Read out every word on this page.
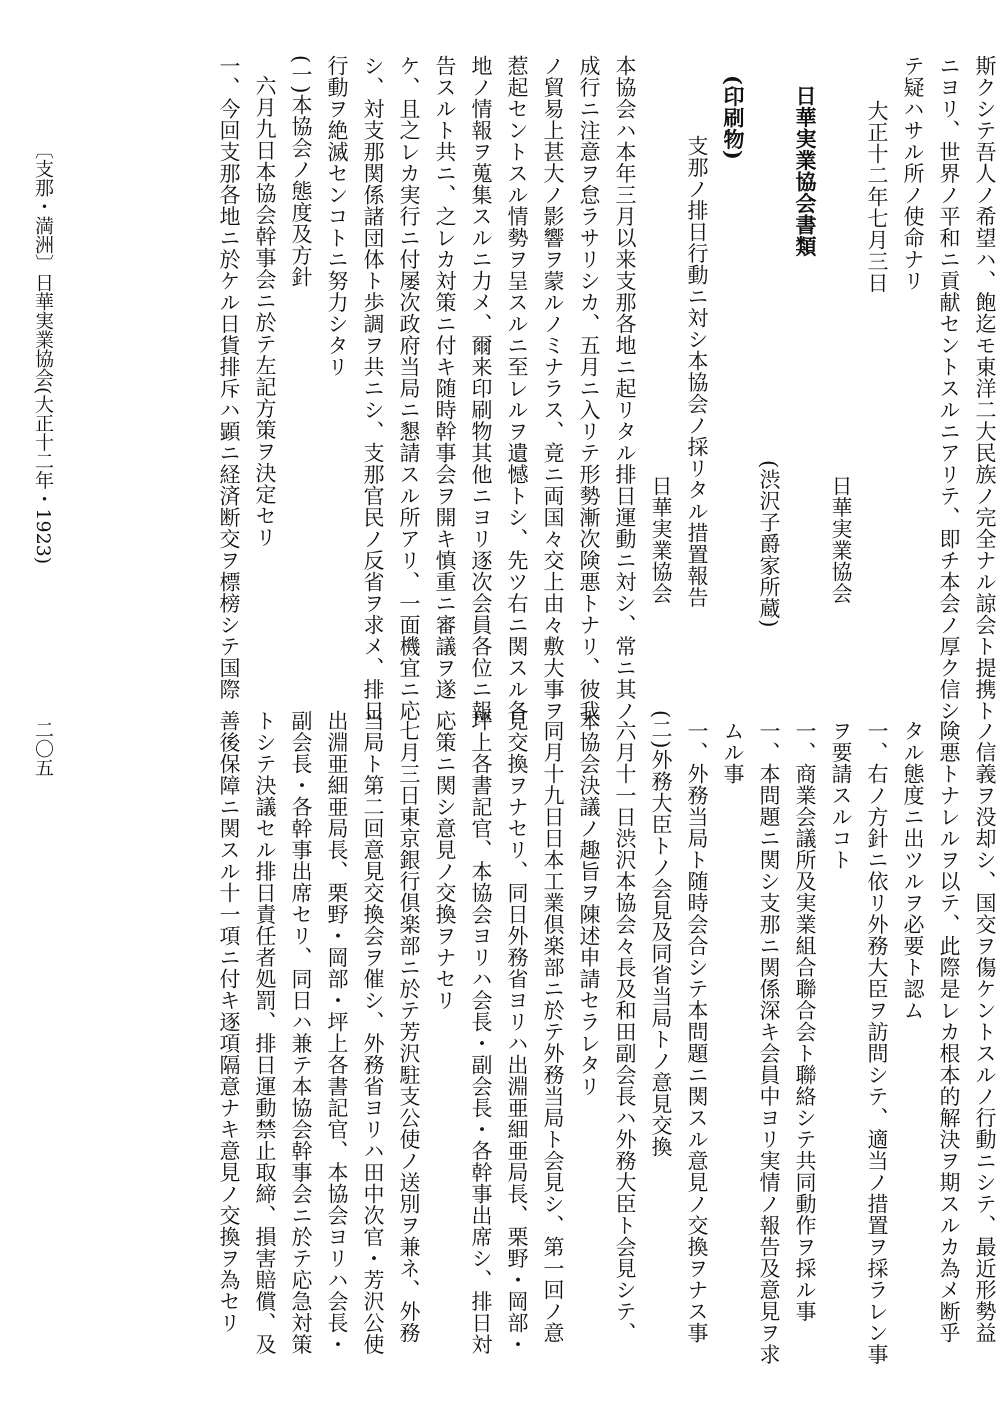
斯クシテ吾人ノ希望ハ、飽迄モ東洋二大民族ノ完全ナル諒会ト提携ト
ニヨリ、世界ノ平和ニ貢献セントスルニアリテ、即チ本会ノ厚ク信シ
テ疑ハサル所ノ使命ナリ
大正十二年七月三日
日華実業協会
日華実業協会書類
(渋沢子爵家所蔵)
(印刷物)
支那ノ排日行動ニ対シ本協会ノ採リタル措置報告
日華実業協会
本協会ハ本年三月以来支那各地ニ起リタル排日運動ニ対シ、常ニ其ノ
成行ニ注意ヲ怠ラサリシカ、五月ニ入リテ形勢漸次険悪トナリ、彼我
ノ貿易上甚大ノ影響ヲ蒙ルノミナラス、竟ニ両国々交上由々敷大事ヲ
惹起セントスル情勢ヲ呈スルニ至レルヲ遺憾トシ、先ツ右ニ関スル各
地ノ情報ヲ蒐集スルニ力メ、爾来印刷物其他ニヨリ逐次会員各位ニ報
告スルト共ニ、之レカ対策ニ付キ随時幹事会ヲ開キ慎重ニ審議ヲ遂
ケ、且之レカ実行ニ付屡次政府当局ニ懇請スル所アリ、一面機宜ニ応
シ、対支那関係諸団体ト歩調ヲ共ニシ、支那官民ノ反省ヲ求メ、排日
行動ヲ絶滅センコトニ努力シタリ
(一)本協会ノ態度及方針
六月九日本協会幹事会ニ於テ左記方策ヲ決定セリ
一、今回支那各地ニ於ケル日貨排斥ハ顕ニ経済断交ヲ標榜シテ国際
ノ信義ヲ没却シ、国交ヲ傷ケントスルノ行動ニシテ、最近形勢益
険悪トナレルヲ以テ、此際是レカ根本的解決ヲ期スルカ為メ断乎
タル態度ニ出ツルヲ必要ト認ム
一、右ノ方針ニ依リ外務大臣ヲ訪問シテ、適当ノ措置ヲ採ラレン事
ヲ要請スルコト
一、商業会議所及実業組合聯合会ト聯絡シテ共同動作ヲ採ル事
一、本問題ニ関シ支那ニ関係深キ会員中ヨリ実情ノ報告及意見ヲ求
ムル事
一、外務当局ト随時会合シテ本問題ニ関スル意見ノ交換ヲナス事
(二)外務大臣トノ会見及同省当局トノ意見交換
六月十一日渋沢本協会々長及和田副会長ハ外務大臣ト会見シテ、
本協会決議ノ趣旨ヲ陳述申請セラレタリ
同月十九日日本工業倶楽部ニ於テ外務当局ト会見シ、第一回ノ意
見交換ヲナセリ、同日外務省ヨリハ出淵亜細亜局長、栗野・岡部・
坪上各書記官、本協会ヨリハ会長・副会長・各幹事出席シ、排日対
応策ニ関シ意見ノ交換ヲナセリ
七月三日東京銀行倶楽部ニ於テ芳沢駐支公使ノ送別ヲ兼ネ、外務
当局ト第二回意見交換会ヲ催シ、外務省ヨリハ田中次官・芳沢公使
出淵亜細亜局長、栗野・岡部・坪上各書記官、本協会ヨリハ会長・
副会長・各幹事出席セリ、同日ハ兼テ本協会幹事会ニ於テ応急対策
トシテ決議セル排日責任者処罰、排日運動禁止取締、損害賠償、及
善後保障ニ関スル十一項ニ付キ逐項隔意ナキ意見ノ交換ヲ為セリ
〔支那・満洲〕日華実業協会(大正十二年・1923)
二〇五
